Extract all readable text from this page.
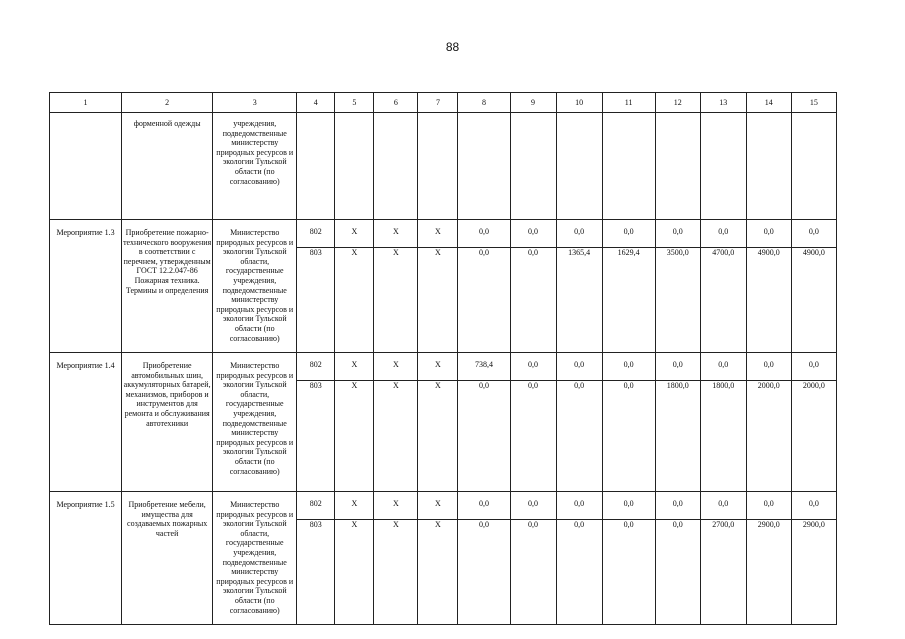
88
1	2	3	4	5	6	7	8	9	10	11	12	13	14	15
	форменной одежды	учреждения, подведомственные министерству природных ресурсов и экологии Тульской области (по согласованию)												
Мероприятие 1.3	Приобретение пожарно-технического вооружения в соответствии с перечнем, утвержденным ГОСТ 12.2.047-86 Пожарная техника. Термины и определения	Министерство природных ресурсов и экологии Тульской области, государственные учреждения, подведомственные министерству природных ресурсов и экологии Тульской области (по согласованию)	802	X	X	X	0,0	0,0	0,0	0,0	0,0	0,0	0,0	0,0
			803	X	X	X	0,0	0,0	1365,4	1629,4	3500,0	4700,0	4900,0	4900,0
Мероприятие 1.4	Приобретение автомобильных шин, аккумуляторных батарей, механизмов, приборов и инструментов для ремонта и обслуживания автотехники	Министерство природных ресурсов и экологии Тульской области, государственные учреждения, подведомственные министерству природных ресурсов и экологии Тульской области (по согласованию)	802	X	X	X	738,4	0,0	0,0	0,0	0,0	0,0	0,0	0,0
			803	X	X	X	0,0	0,0	0,0	0,0	1800,0	1800,0	2000,0	2000,0
Мероприятие 1.5	Приобретение мебели, имущества для создаваемых пожарных частей	Министерство природных ресурсов и экологии Тульской области, государственные учреждения, подведомственные министерству природных ресурсов и экологии Тульской области (по согласованию)	802	X	X	X	0,0	0,0	0,0	0,0	0,0	0,0	0,0	0,0
			803	X	X	X	0,0	0,0	0,0	0,0	0,0	2700,0	2900,0	2900,0
